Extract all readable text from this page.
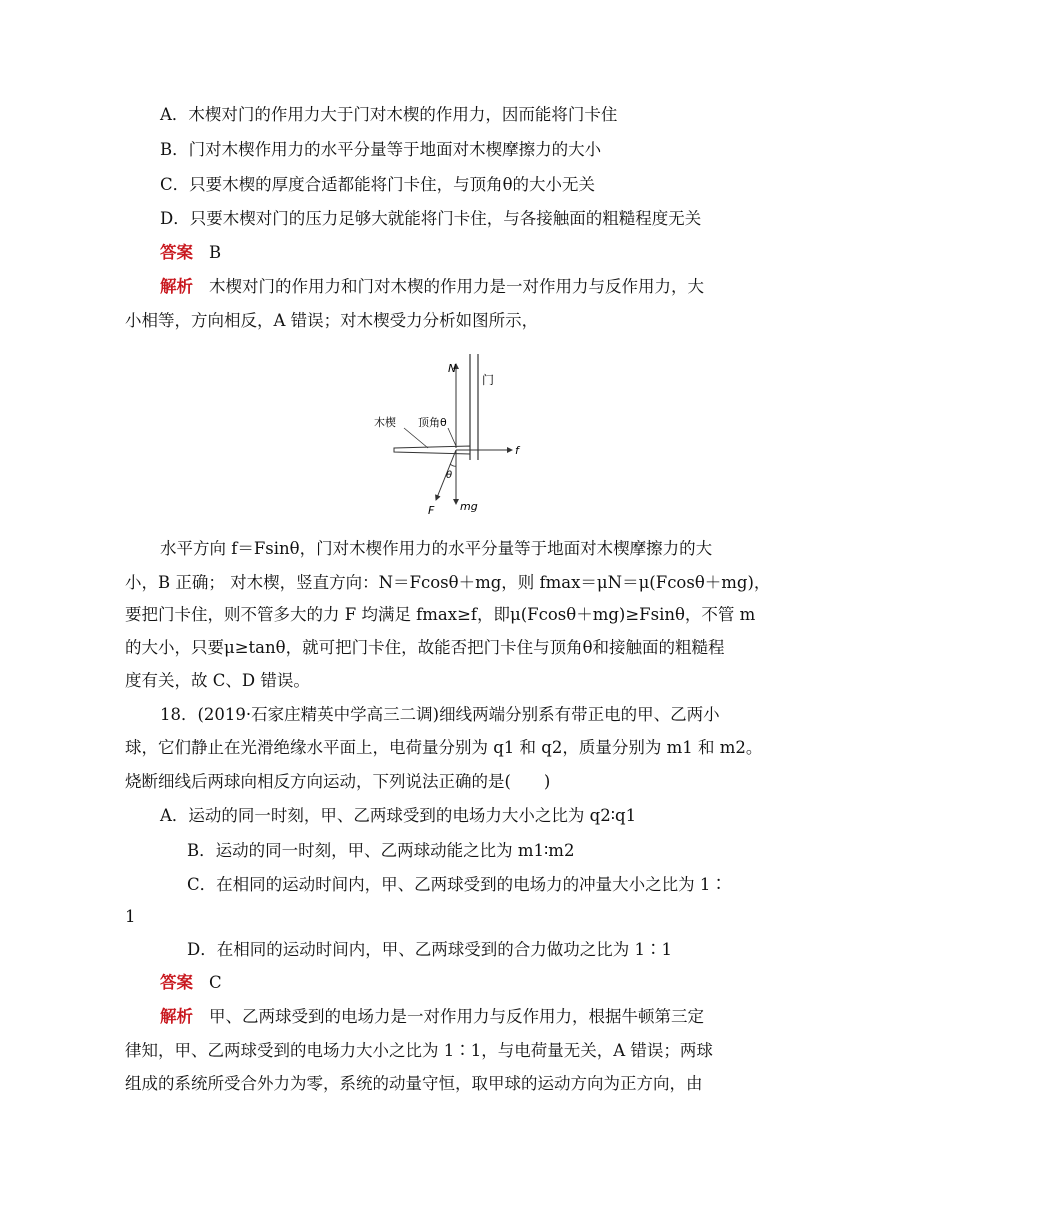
A．木楔对门的作用力大于门对木楔的作用力，因而能将门卡住
B．门对木楔作用力的水平分量等于地面对木楔摩擦力的大小
C．只要木楔的厚度合适都能将门卡住，与顶角θ的大小无关
D．只要木楔对门的压力足够大就能将门卡住，与各接触面的粗糙程度无关
答案 B
解析 木楔对门的作用力和门对木楔的作用力是一对作用力与反作用力，大
小相等，方向相反，A 错误；对木楔受力分析如图所示，
N
门
木楔 顶角θ
f
θ
F mg
水平方向 f＝Fsinθ，门对木楔作用力的水平分量等于地面对木楔摩擦力的大
小，B 正确； 对木楔，竖直方向：N＝Fcosθ＋mg，则 fmax＝μN＝μ(Fcosθ＋mg)，
要把门卡住，则不管多大的力 F 均满足 fmax≥f，即μ(Fcosθ＋mg)≥Fsinθ，不管 m
的大小，只要μ≥tanθ，就可把门卡住，故能否把门卡住与顶角θ和接触面的粗糙程
度有关，故 C、D 错误。
18．(2019·石家庄精英中学高三二调)细线两端分别系有带正电的甲、乙两小
球，它们静止在光滑绝缘水平面上，电荷量分别为 q1 和 q2，质量分别为 m1 和 m2。
烧断细线后两球向相反方向运动，下列说法正确的是(　　)
A．运动的同一时刻，甲、乙两球受到的电场力大小之比为 q2∶q1
B．运动的同一时刻，甲、乙两球动能之比为 m1∶m2
C．在相同的运动时间内，甲、乙两球受到的电场力的冲量大小之比为 1∶
1
D．在相同的运动时间内，甲、乙两球受到的合力做功之比为 1∶1
答案 C
解析 甲、乙两球受到的电场力是一对作用力与反作用力，根据牛顿第三定
律知，甲、乙两球受到的电场力大小之比为 1∶1，与电荷量无关，A 错误；两球
组成的系统所受合外力为零，系统的动量守恒，取甲球的运动方向为正方向，由
